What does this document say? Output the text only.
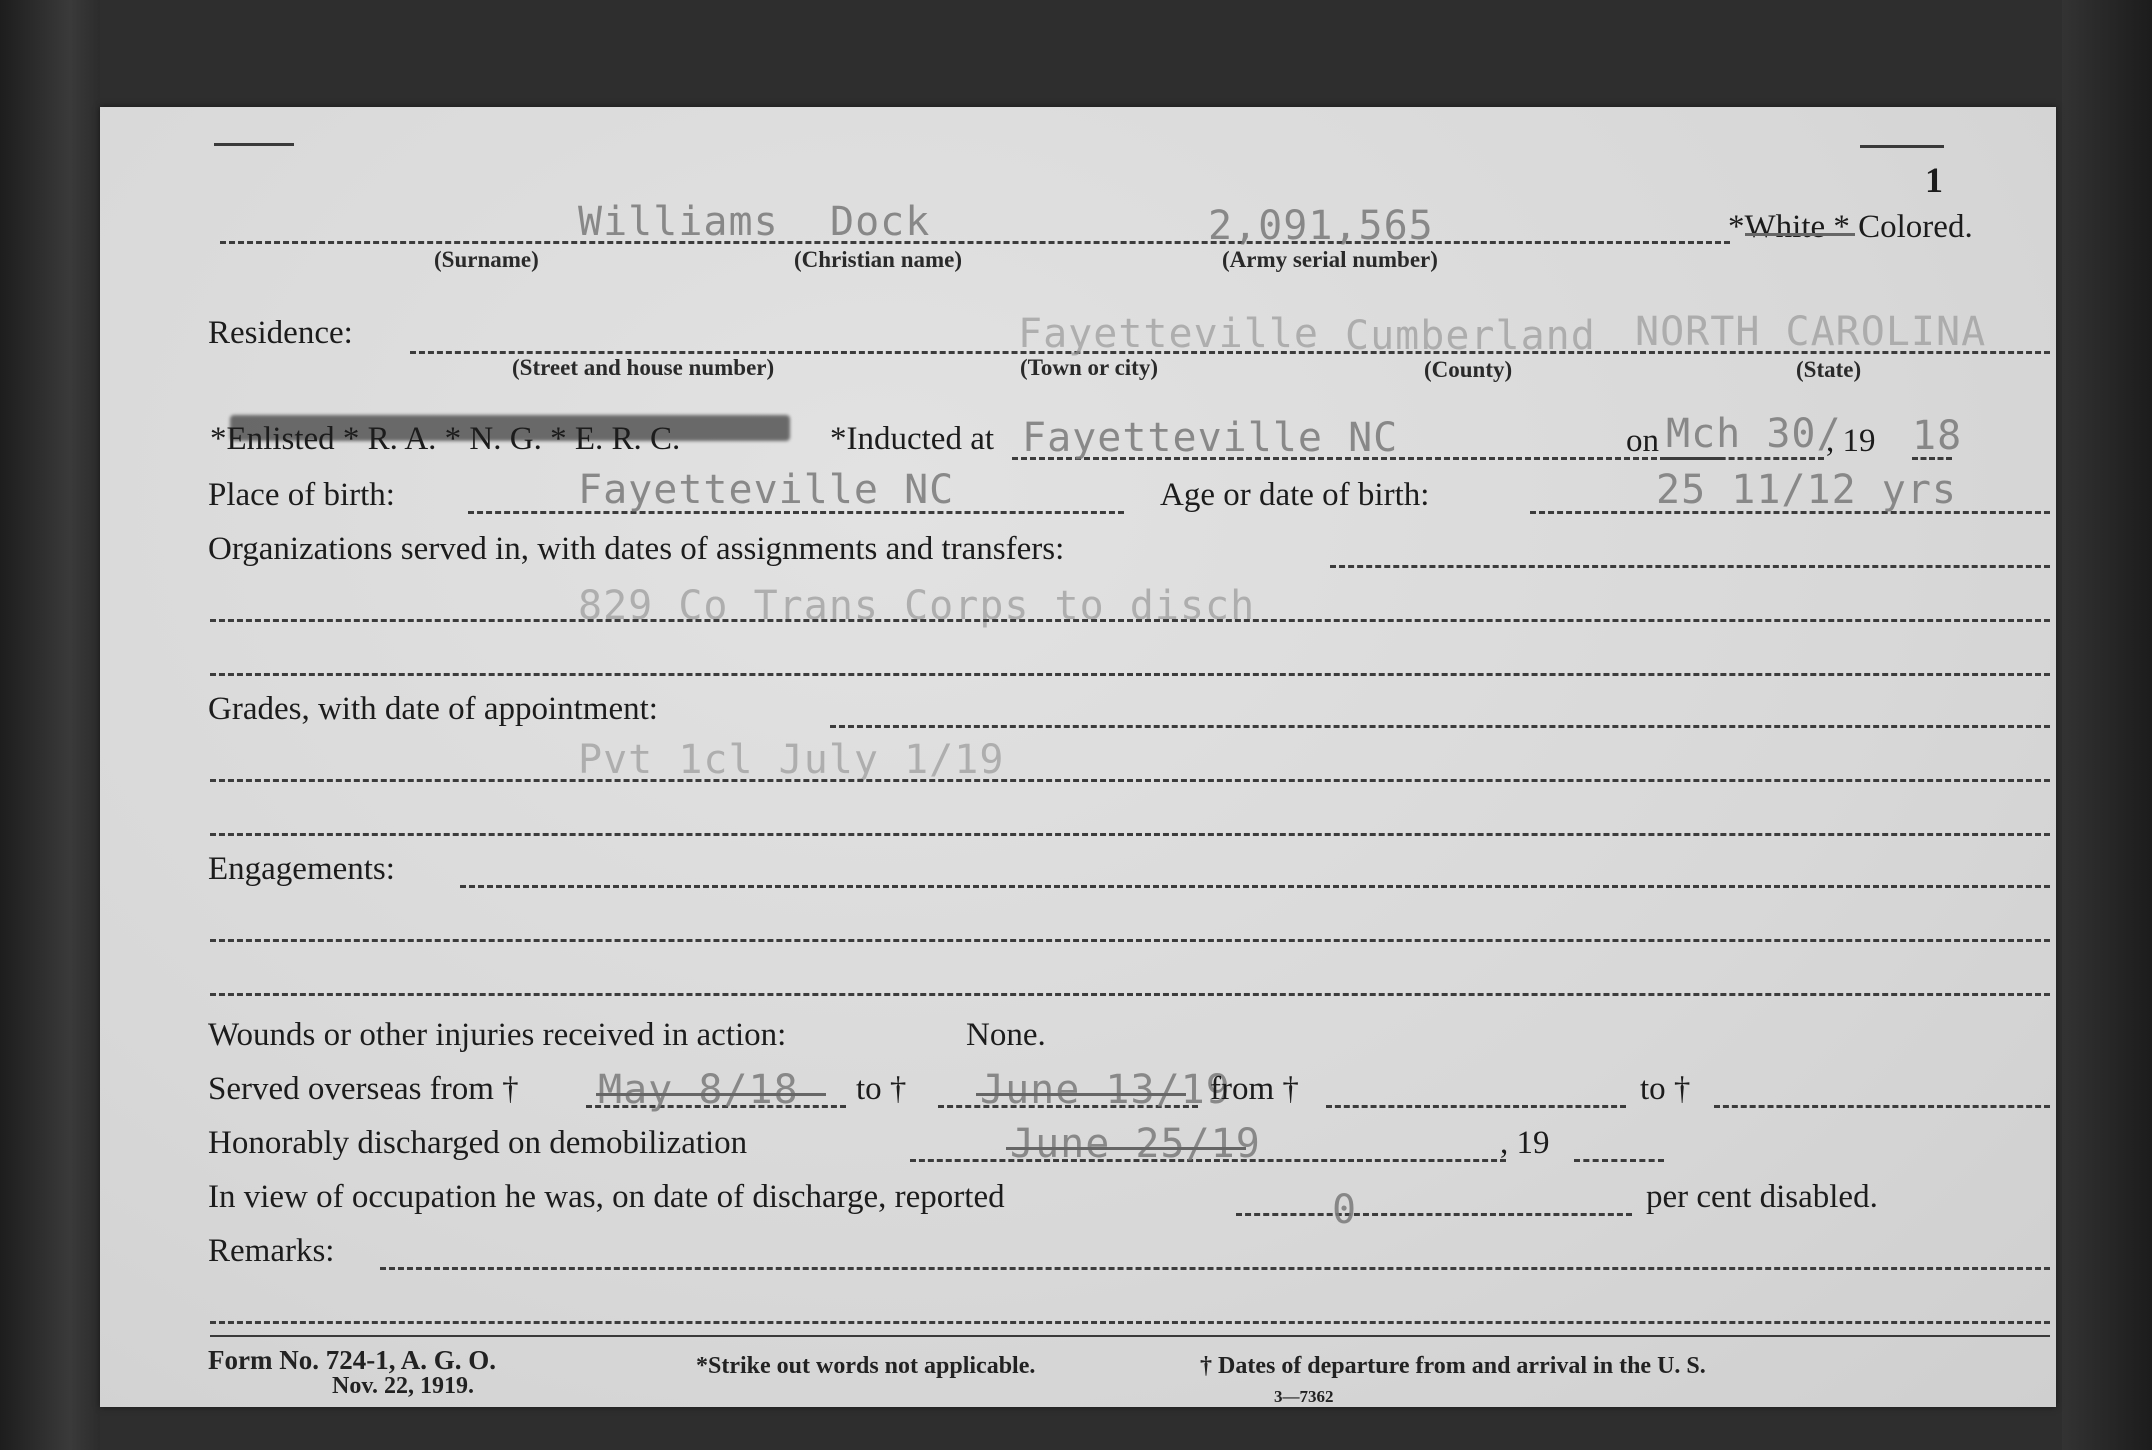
1
Williams Dock	2,091,565	*White * Colored.
(Surname)	(Christian name)	(Army serial number)
Residence:	Fayetteville Cumberland NORTH CAROLINA
(Street and house number)	(Town or city)	(County)	(State)
*Enlisted * R. A. * N. G. * E. R. C.	*Inducted at Fayetteville NC	on Mch 30/
, 19 18
Place of birth:	Fayetteville NC	Age or date of birth:	25 11/12 yrs
Organizations served in, with dates of assignments and transfers:
829 Co Trans Corps to disch
Grades, with date of appointment:
Pvt 1cl July 1/19
Engagements:
Wounds or other injuries received in action:	None.
Served overseas from † May 8/18 to † June 13/19
from †	to †
Honorably discharged on demobilization	June 25/19	, 19
In view of occupation he was, on date of discharge, reported	0	per cent disabled.
Remarks:
Form No. 724-1, A. G. O.
Nov. 22, 1919.
*Strike out words not applicable.	† Dates of departure from and arrival in the U. S.
3—7362
